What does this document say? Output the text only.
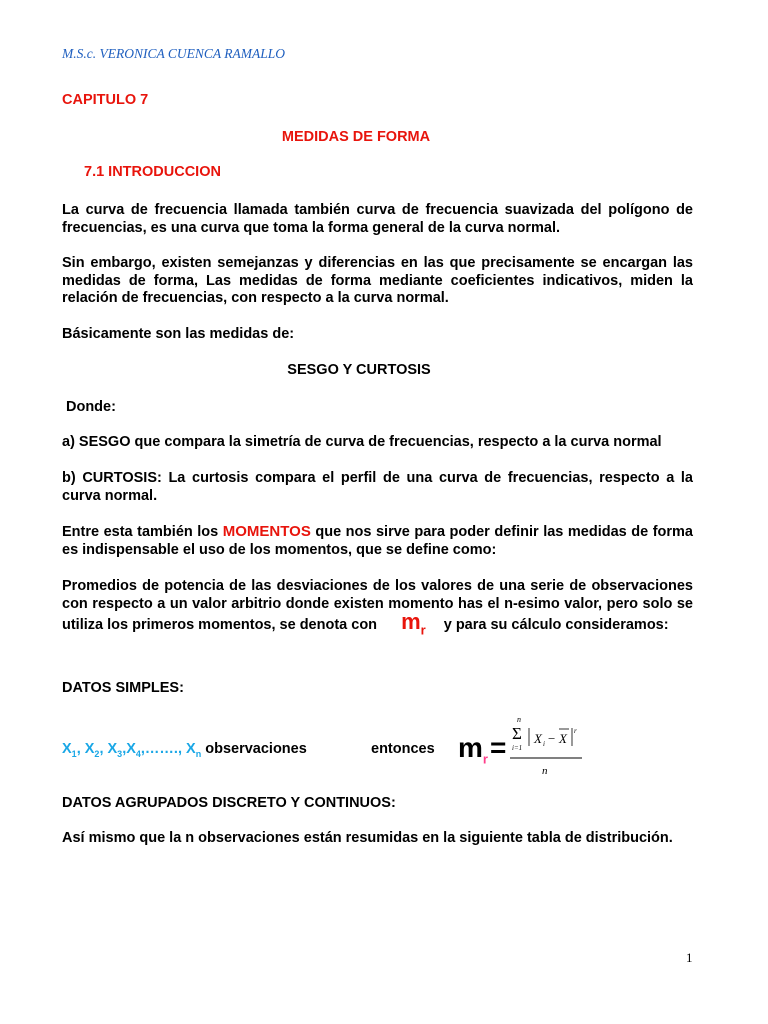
M.S.c. VERONICA CUENCA RAMALLO
CAPITULO 7
MEDIDAS DE FORMA
7.1 INTRODUCCION
La curva de frecuencia llamada también curva de frecuencia suavizada del polígono de frecuencias, es una curva que toma la forma general de la curva normal.
Sin embargo, existen semejanzas y diferencias en las que precisamente se encargan las medidas de forma, Las medidas de forma mediante coeficientes indicativos, miden la relación de frecuencias, con respecto a la curva normal.
Básicamente son las medidas de:
SESGO Y CURTOSIS
Donde:
a) SESGO que compara la simetría de curva de frecuencias, respecto a la curva normal
b) CURTOSIS: La curtosis compara el perfil de una curva de frecuencias, respecto a la curva normal.
Entre esta también los MOMENTOS que nos sirve para poder definir las medidas de forma es indispensable el uso de los momentos, que se define como:
Promedios de potencia de las desviaciones de los valores de una serie de observaciones con respecto a un valor arbitrio donde existen momento has el n-esimo valor, pero solo se utiliza los primeros momentos, se denota con $m_r$ y para su cálculo consideramos:
DATOS SIMPLES:
$X_1$, $X_2$, $X_3,X_4,\dots\dots$., $X_n$ observaciones	entonces $m_r=$
n
Σ
i=1
X i − X r
n
DATOS AGRUPADOS DISCRETO Y CONTINUOS:
Así mismo que la n observaciones están resumidas en la siguiente tabla de distribución.
1
